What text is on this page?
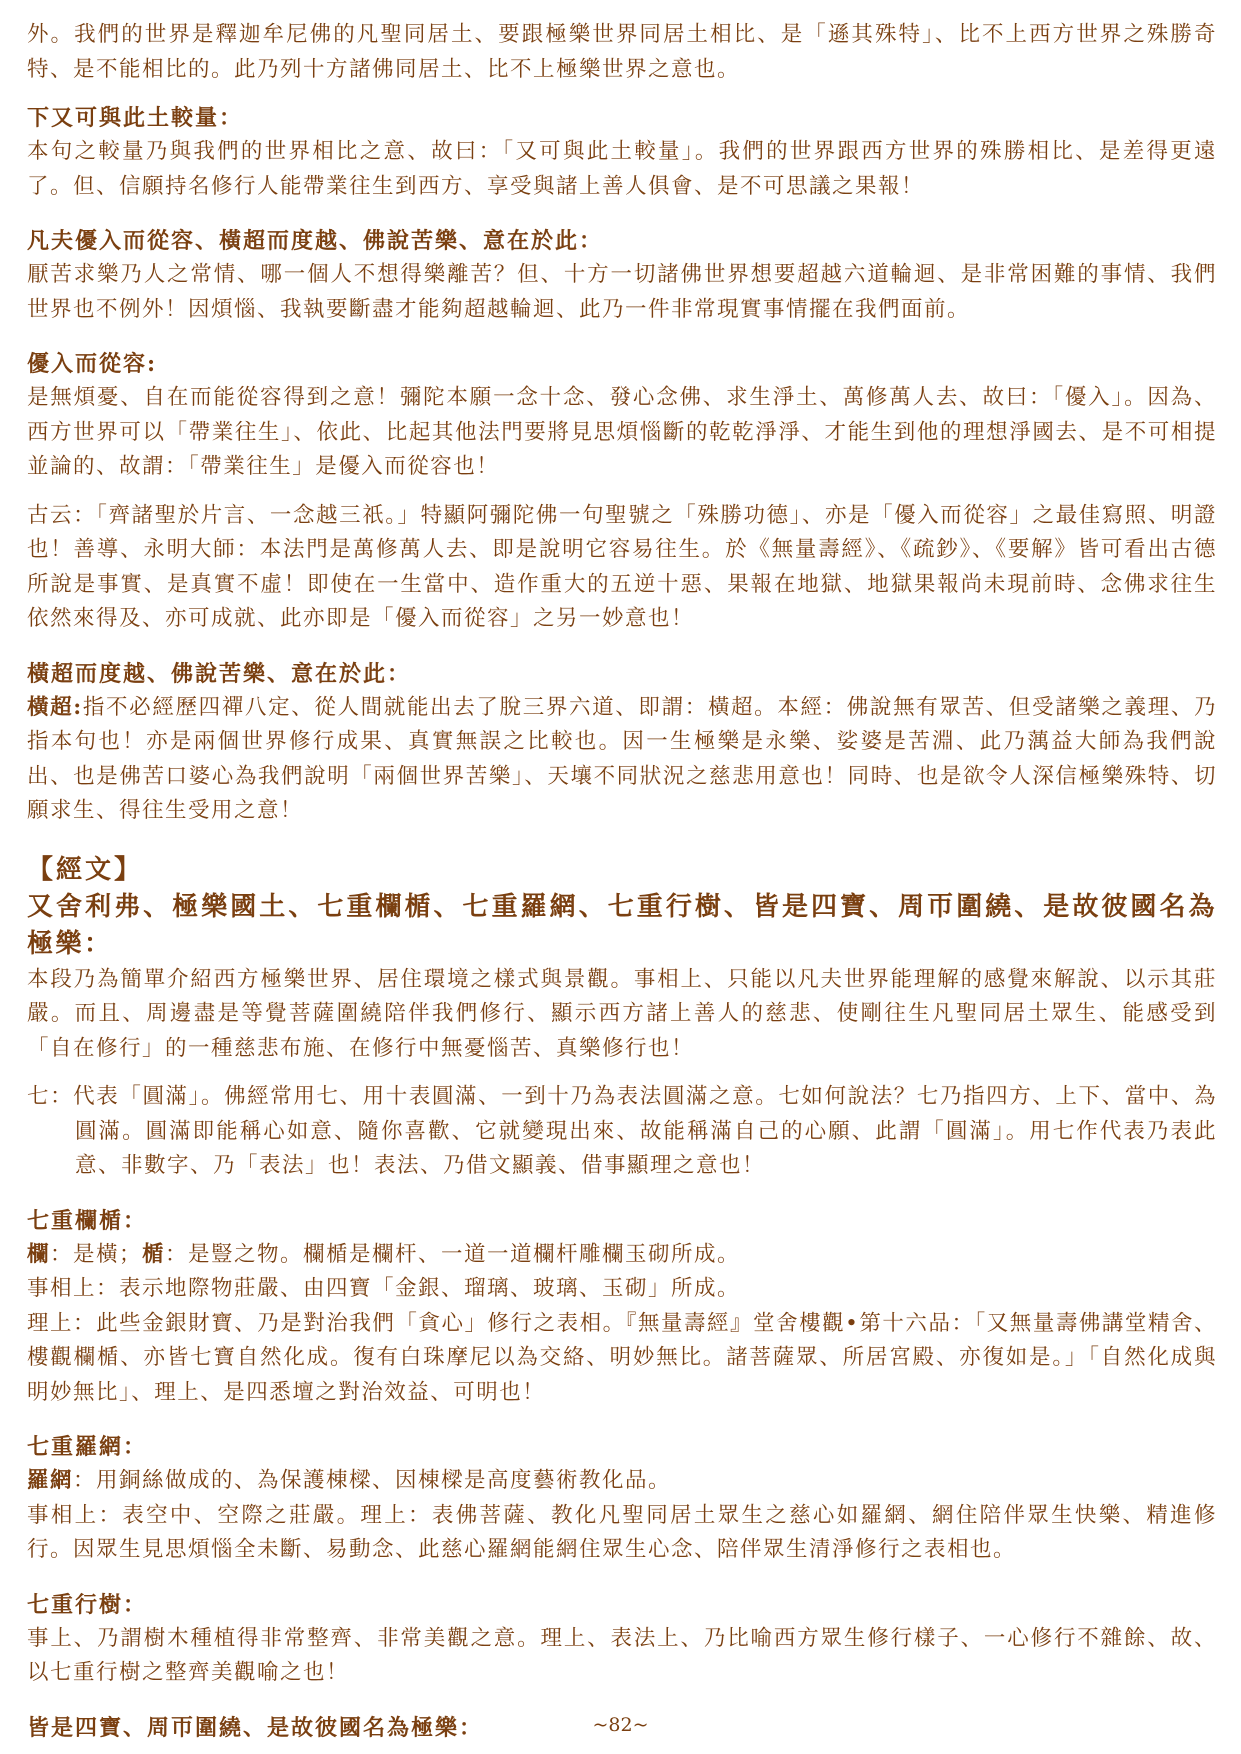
外。我們的世界是釋迦牟尼佛的凡聖同居土、要跟極樂世界同居土相比、是「遜其殊特」、比不上西方世界之殊勝奇特、是不能相比的。此乃列十方諸佛同居土、比不上極樂世界之意也。

下又可與此土較量：

本句之較量乃與我們的世界相比之意、故曰：「又可與此土較量」。我們的世界跟西方世界的殊勝相比、是差得更遠了。但、信願持名修行人能帶業往生到西方、享受與諸上善人俱會、是不可思議之果報！

凡夫優入而從容、橫超而度越、佛說苦樂、意在於此：

厭苦求樂乃人之常情、哪一個人不想得樂離苦？但、十方一切諸佛世界想要超越六道輪迴、是非常困難的事情、我們世界也不例外！因煩惱、我執要斷盡才能夠超越輪迴、此乃一件非常現實事情擺在我們面前。

優入而從容:

是無煩憂、自在而能從容得到之意！彌陀本願一念十念、發心念佛、求生淨土、萬修萬人去、故曰：「優入」。因為、西方世界可以「帶業往生」、依此、比起其他法門要將見思煩惱斷的乾乾淨淨、才能生到他的理想淨國去、是不可相提並論的、故謂：「帶業往生」是優入而從容也！

古云：「齊諸聖於片言、一念越三祇。」特顯阿彌陀佛一句聖號之「殊勝功德」、亦是「優入而從容」之最佳寫照、明證也！善導、永明大師：本法門是萬修萬人去、即是說明它容易往生。於《無量壽經》、《疏鈔》、《要解》皆可看出古德所說是事實、是真實不虛！即使在一生當中、造作重大的五逆十惡、果報在地獄、地獄果報尚未現前時、念佛求往生依然來得及、亦可成就、此亦即是「優入而從容」之另一妙意也！

橫超而度越、佛說苦樂、意在於此：

橫超:指不必經歷四禪八定、從人間就能出去了脫三界六道、即謂：橫超。本經：佛說無有眾苦、但受諸樂之義理、乃指本句也！亦是兩個世界修行成果、真實無誤之比較也。因一生極樂是永樂、娑婆是苦淵、此乃蕅益大師為我們說出、也是佛苦口婆心為我們說明「兩個世界苦樂」、天壤不同狀況之慈悲用意也！同時、也是欲令人深信極樂殊特、切願求生、得往生受用之意！

【經文】

又舍利弗、極樂國土、七重欄楯、七重羅網、七重行樹、皆是四寶、周帀圍繞、是故彼國名為極樂：

本段乃為簡單介紹西方極樂世界、居住環境之樣式與景觀。事相上、只能以凡夫世界能理解的感覺來解說、以示其莊嚴。而且、周邊盡是等覺菩薩圍繞陪伴我們修行、顯示西方諸上善人的慈悲、使剛往生凡聖同居土眾生、能感受到「自在修行」的一種慈悲布施、在修行中無憂惱苦、真樂修行也！

七：代表「圓滿」。佛經常用七、用十表圓滿、一到十乃為表法圓滿之意。七如何說法？七乃指四方、上下、當中、為圓滿。圓滿即能稱心如意、隨你喜歡、它就變現出來、故能稱滿自己的心願、此謂「圓滿」。用七作代表乃表此意、非數字、乃「表法」也！表法、乃借文顯義、借事顯理之意也！

七重欄楯：

欄：是橫；楯：是豎之物。欄楯是欄杆、一道一道欄杆雕欄玉砌所成。

事相上：表示地際物莊嚴、由四寶「金銀、瑠璃、玻璃、玉砌」所成。

理上：此些金銀財寶、乃是對治我們「貪心」修行之表相。『無量壽經』堂舍樓觀•第十六品：「又無量壽佛講堂精舍、樓觀欄楯、亦皆七寶自然化成。復有白珠摩尼以為交絡、明妙無比。諸菩薩眾、所居宮殿、亦復如是。」「自然化成與明妙無比」、理上、是四悉壇之對治效益、可明也！

七重羅網：

羅網：用銅絲做成的、為保護棟樑、因棟樑是高度藝術教化品。

事相上：表空中、空際之莊嚴。理上：表佛菩薩、教化凡聖同居土眾生之慈心如羅網、網住陪伴眾生快樂、精進修行。因眾生見思煩惱全未斷、易動念、此慈心羅網能網住眾生心念、陪伴眾生清淨修行之表相也。

七重行樹：

事上、乃謂樹木種植得非常整齊、非常美觀之意。理上、表法上、乃比喻西方眾生修行樣子、一心修行不雜餘、故、以七重行樹之整齊美觀喻之也！

皆是四寶、周帀圍繞、是故彼國名為極樂：	~82~
